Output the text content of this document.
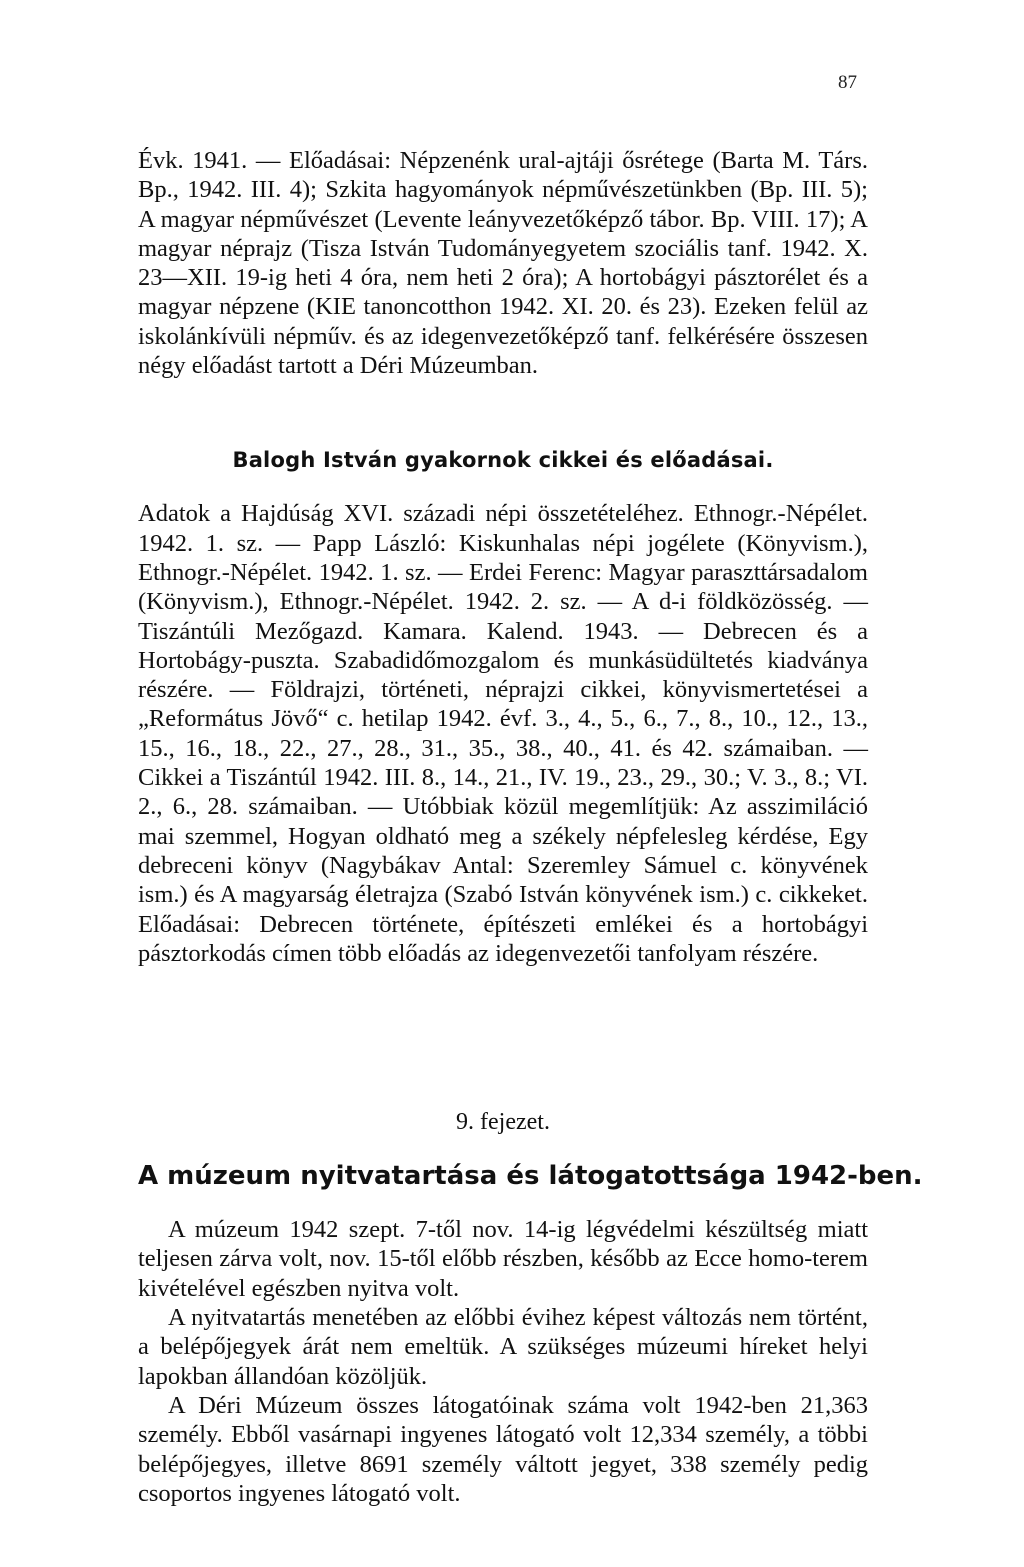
87

Évk. 1941. — Előadásai: Népzenénk ural-ajtáji ősrétege (Barta M. Társ. Bp., 1942. III. 4); Szkita hagyományok népművészetünkben (Bp. III. 5); A magyar népművészet (Levente leányvezetőképző tábor. Bp. VIII. 17); A magyar néprajz (Tisza István Tudományegyetem szociális tanf. 1942. X. 23—XII. 19-ig heti 4 óra, nem heti 2 óra); A hortobágyi pásztorélet és a magyar népzene (KIE tanoncotthon 1942. XI. 20. és 23). Ezeken felül az iskolánkívüli népműv. és az idegenvezetőképző tanf. felkérésére összesen négy előadást tartott a Déri Múzeumban.

Balogh István gyakornok cikkei és előadásai.

Adatok a Hajdúság XVI. századi népi összetételéhez. Ethnogr.-Népélet. 1942. 1. sz. — Papp László: Kiskunhalas népi jogélete (Könyvism.), Ethnogr.-Népélet. 1942. 1. sz. — Erdei Ferenc: Magyar paraszttársadalom (Könyvism.), Ethnogr.-Népélet. 1942. 2. sz. — A d-i földközösség. — Tiszántúli Mezőgazd. Kamara. Kalend. 1943. — Debrecen és a Hortobágy-puszta. Szabadidőmozgalom és munkásüdültetés kiadványa részére. — Földrajzi, történeti, néprajzi cikkei, könyvismertetései a „Református Jövő“ c. hetilap 1942. évf. 3., 4., 5., 6., 7., 8., 10., 12., 13., 15., 16., 18., 22., 27., 28., 31., 35., 38., 40., 41. és 42. számaiban. — Cikkei a Tiszántúl 1942. III. 8., 14., 21., IV. 19., 23., 29., 30.; V. 3., 8.; VI. 2., 6., 28. számaiban. — Utóbbiak közül megemlítjük: Az asszimiláció mai szemmel, Hogyan oldható meg a székely népfelesleg kérdése, Egy debreceni könyv (Nagybákav Antal: Szeremley Sámuel c. könyvének ism.) és A magyarság életrajza (Szabó István könyvének ism.) c. cikkeket. Előadásai: Debrecen története, építészeti emlékei és a hortobágyi pásztorkodás címen több előadás az idegenvezetői tanfolyam részére.

9. fejezet.
A múzeum nyitvatartása és látogatottsága 1942-ben.

A múzeum 1942 szept. 7-től nov. 14-ig légvédelmi készültség miatt teljesen zárva volt, nov. 15-től előbb részben, később az Ecce homo-terem kivételével egészben nyitva volt.

A nyitvatartás menetében az előbbi évihez képest változás nem történt, a belépőjegyek árát nem emeltük. A szükséges múzeumi híreket helyi lapokban állandóan közöljük.

A Déri Múzeum összes látogatóinak száma volt 1942-ben 21,363 személy. Ebből vasárnapi ingyenes látogató volt 12,334 személy, a többi belépőjegyes, illetve 8691 személy váltott jegyet, 338 személy pedig csoportos ingyenes látogató volt.
